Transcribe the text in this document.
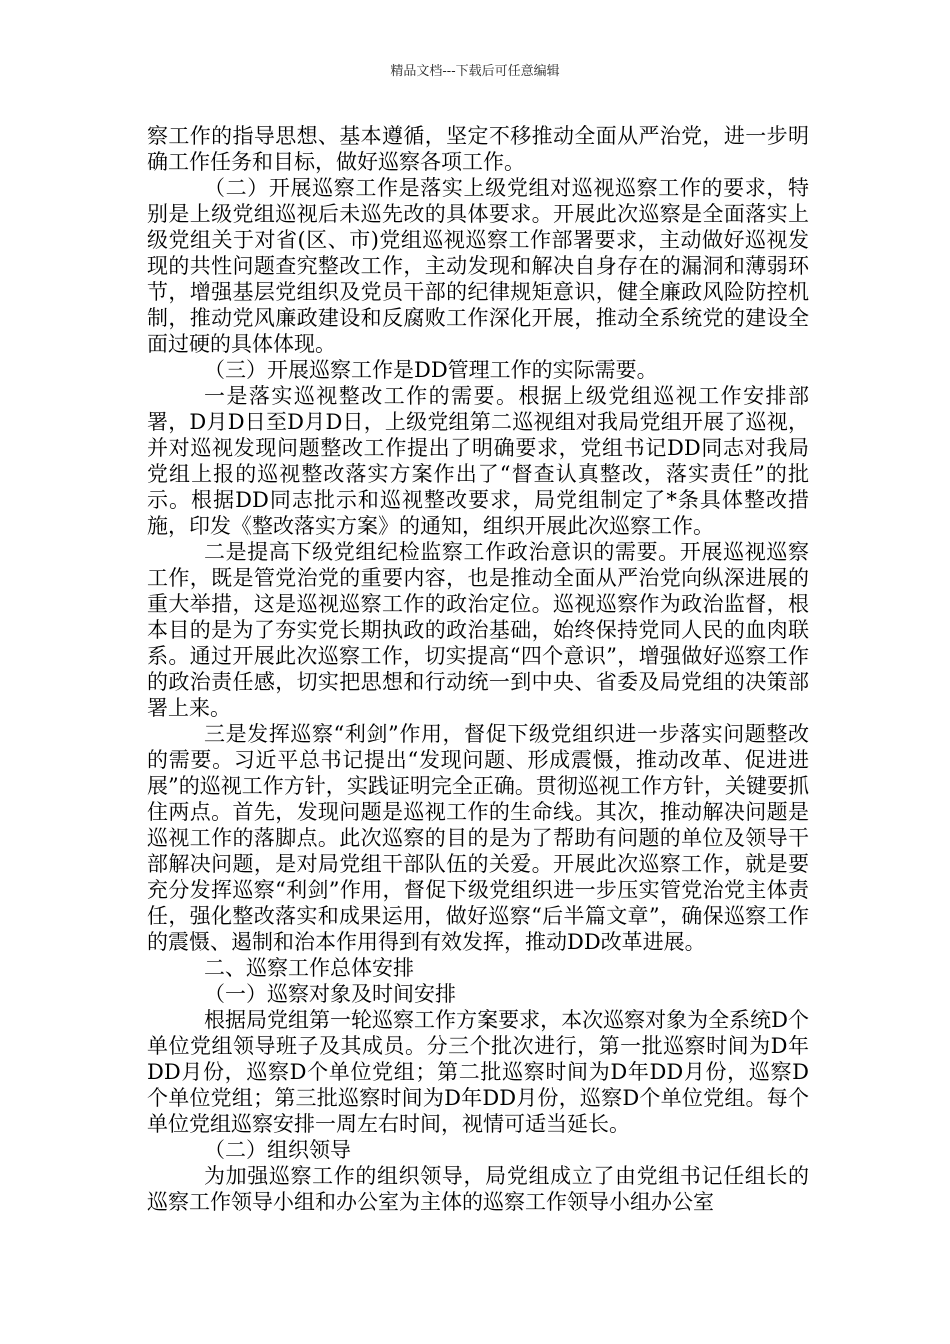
精品文档---下载后可任意编辑

察工作的指导思想、基本遵循，坚定不移推动全面从严治党，进一步明确工作任务和目标，做好巡察各项工作。

（二）开展巡察工作是落实上级党组对巡视巡察工作的要求，特别是上级党组巡视后未巡先改的具体要求。开展此次巡察是全面落实上级党组关于对省(区、市)党组巡视巡察工作部署要求，主动做好巡视发现的共性问题查究整改工作，主动发现和解决自身存在的漏洞和薄弱环节，增强基层党组织及党员干部的纪律规矩意识，健全廉政风险防控机制，推动党风廉政建设和反腐败工作深化开展，推动全系统党的建设全面过硬的具体体现。

（三）开展巡察工作是DD管理工作的实际需要。

一是落实巡视整改工作的需要。根据上级党组巡视工作安排部署，D月D日至D月D日，上级党组第二巡视组对我局党组开展了巡视，并对巡视发现问题整改工作提出了明确要求，党组书记DD同志对我局党组上报的巡视整改落实方案作出了“督查认真整改，落实责任”的批示。根据DD同志批示和巡视整改要求，局党组制定了*条具体整改措施，印发《整改落实方案》的通知，组织开展此次巡察工作。

二是提高下级党组纪检监察工作政治意识的需要。开展巡视巡察工作，既是管党治党的重要内容，也是推动全面从严治党向纵深进展的重大举措，这是巡视巡察工作的政治定位。巡视巡察作为政治监督，根本目的是为了夯实党长期执政的政治基础，始终保持党同人民的血肉联系。通过开展此次巡察工作，切实提高“四个意识”，增强做好巡察工作的政治责任感，切实把思想和行动统一到中央、省委及局党组的决策部署上来。

三是发挥巡察“利剑”作用，督促下级党组织进一步落实问题整改的需要。习近平总书记提出“发现问题、形成震慑，推动改革、促进进展”的巡视工作方针，实践证明完全正确。贯彻巡视工作方针，关键要抓住两点。首先，发现问题是巡视工作的生命线。其次，推动解决问题是巡视工作的落脚点。此次巡察的目的是为了帮助有问题的单位及领导干部解决问题，是对局党组干部队伍的关爱。开展此次巡察工作，就是要充分发挥巡察“利剑”作用，督促下级党组织进一步压实管党治党主体责任，强化整改落实和成果运用，做好巡察“后半篇文章”，确保巡察工作的震慑、遏制和治本作用得到有效发挥，推动DD改革进展。

二、巡察工作总体安排

（一）巡察对象及时间安排

根据局党组第一轮巡察工作方案要求，本次巡察对象为全系统D个单位党组领导班子及其成员。分三个批次进行，第一批巡察时间为D年DD月份，巡察D个单位党组；第二批巡察时间为D年DD月份，巡察D个单位党组；第三批巡察时间为D年DD月份，巡察D个单位党组。每个单位党组巡察安排一周左右时间，视情可适当延长。

（二）组织领导

为加强巡察工作的组织领导，局党组成立了由党组书记任组长的巡察工作领导小组和办公室为主体的巡察工作领导小组办公室
